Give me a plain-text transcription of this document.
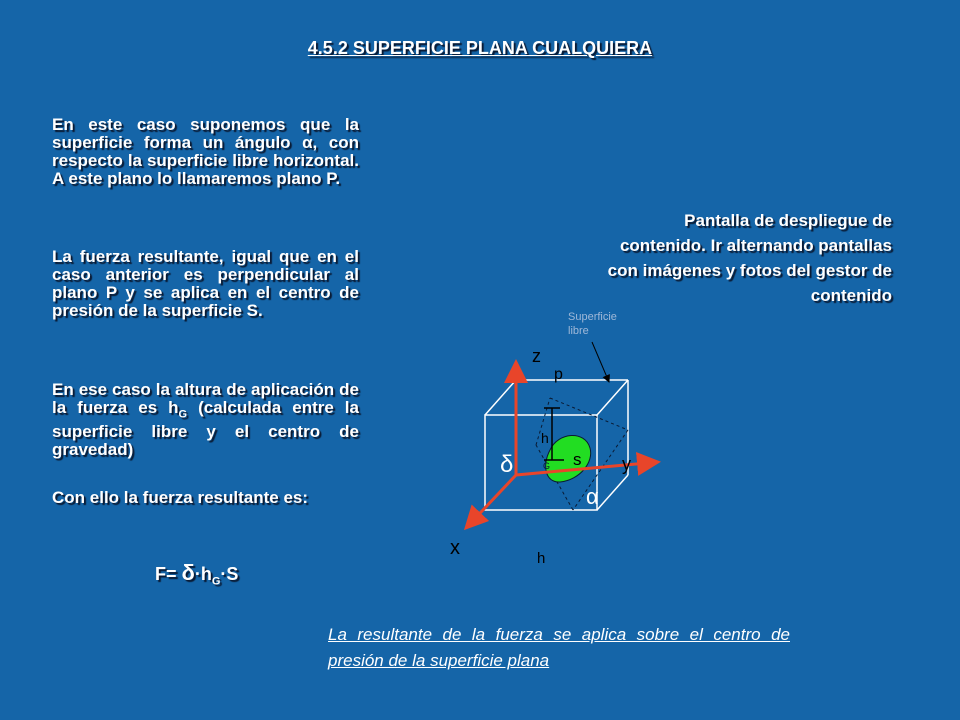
4.5.2 SUPERFICIE PLANA CUALQUIERA

En este caso suponemos que la superficie forma un ángulo α, con respecto la superficie libre horizontal. A este plano lo llamaremos plano P.

La fuerza resultante, igual que en el caso anterior es perpendicular al plano P y se aplica en el centro de presión de la superficie S.

En ese caso la altura de aplicación de la fuerza es $h_G$ (calculada entre la superficie libre y el centro de gravedad)

Con ello la fuerza resultante es:

$F= \delta\cdot h_G\cdot S$
Pantalla de despliegue de contenido. Ir alternando pantallas con imágenes y fotos del gestor de contenido
La resultante de la fuerza se aplica sobre el centro de presión de la superficie plana
Superficie
libre
z
p
h
δ	G s y
α
x	h
